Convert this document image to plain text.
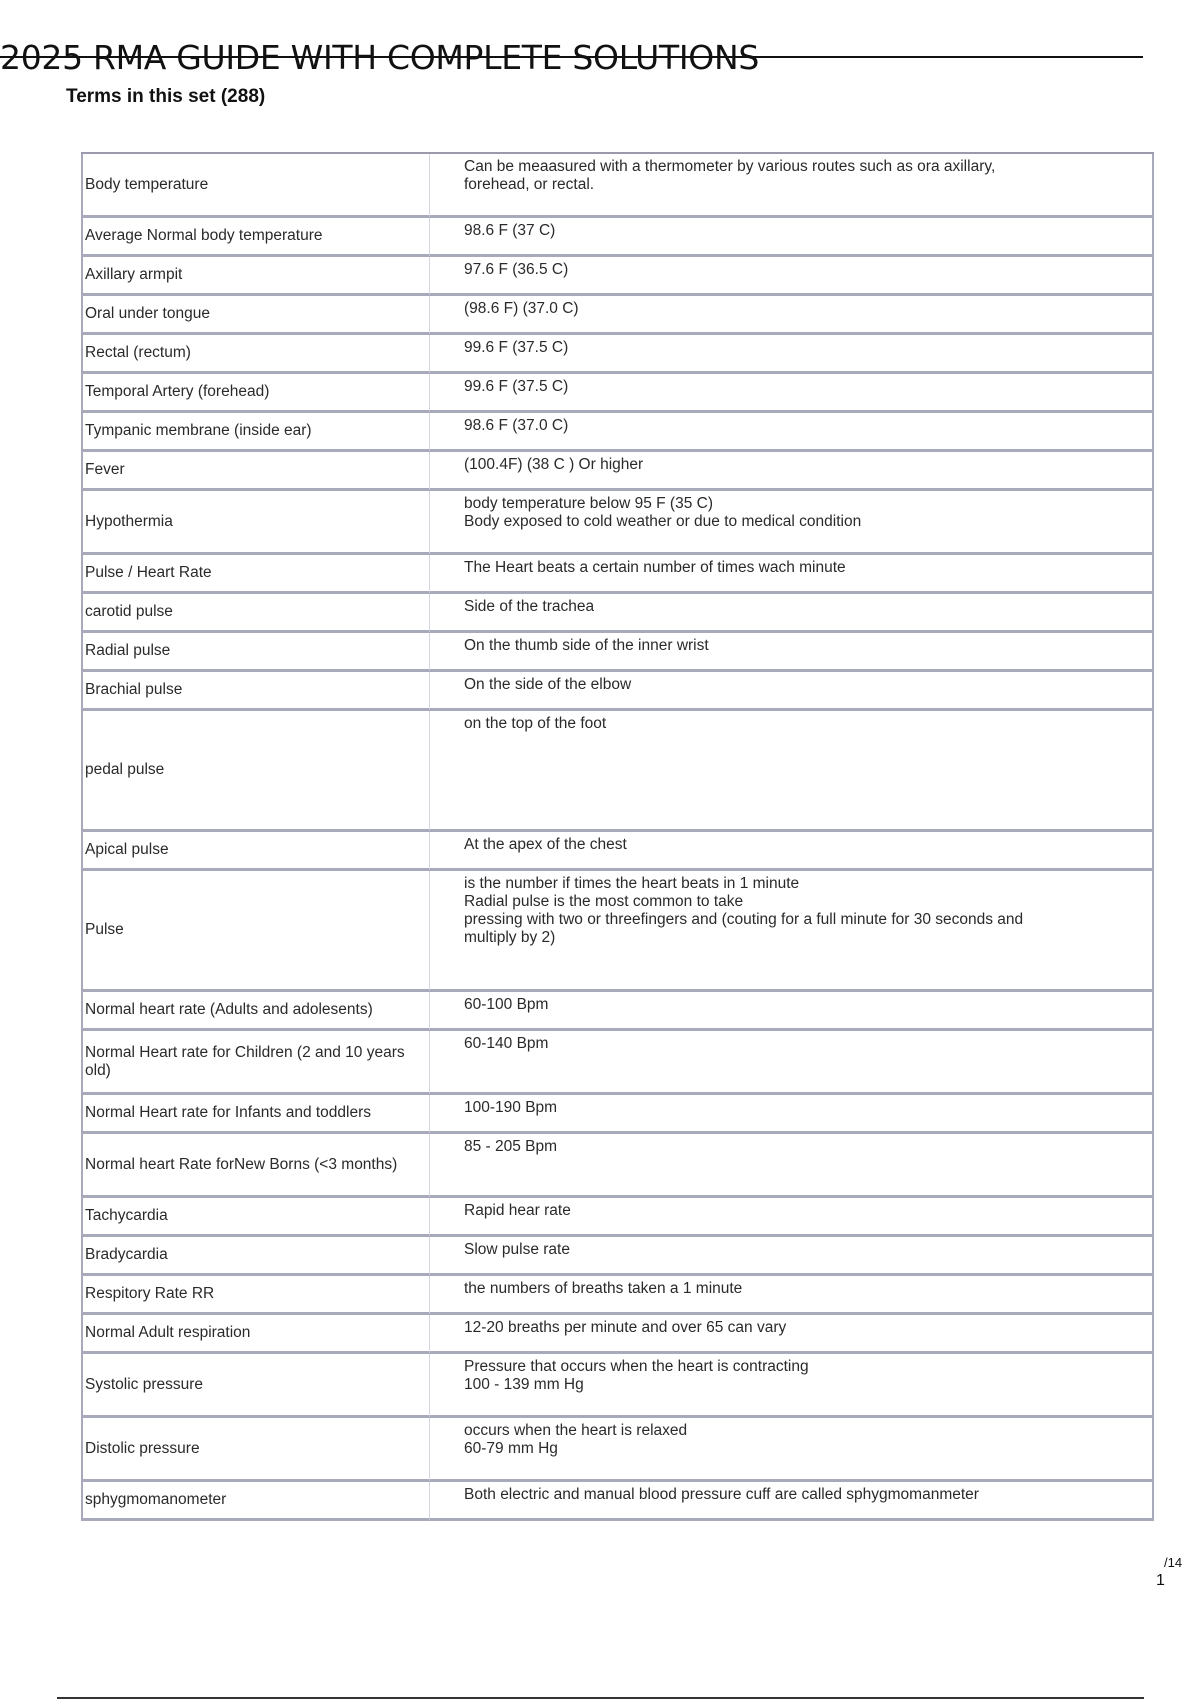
2025 RMA GUIDE WITH COMPLETE SOLUTIONS
Terms in this set (288)
Body temperature	Can be meaasured with a thermometer by various routes such as ora axillary,
forehead, or rectal.
Average Normal body temperature	98.6 F (37 C)
Axillary armpit	97.6 F (36.5 C)
Oral under tongue	(98.6 F) (37.0 C)
Rectal (rectum)	99.6 F (37.5 C)
Temporal Artery (forehead)	99.6 F (37.5 C)
Tympanic membrane (inside ear)	98.6 F (37.0 C)
Fever	(100.4F) (38 C ) Or higher
Hypothermia	body temperature below 95 F (35 C)
Body exposed to cold weather or due to medical condition
Pulse / Heart Rate	The Heart beats a certain number of times wach minute
carotid pulse	Side of the trachea
Radial pulse	On the thumb side of the inner wrist
Brachial pulse	On the side of the elbow
pedal pulse	on the top of the foot
Apical pulse	At the apex of the chest
Pulse	is the number if times the heart beats in 1 minute
Radial pulse is the most common to take
pressing with two or threefingers and (couting for a full minute for 30 seconds and
multiply by 2)
Normal heart rate (Adults and adolesents)	60-100 Bpm
Normal Heart rate for Children (2 and 10 years old)	60-140 Bpm
Normal Heart rate for Infants and toddlers	100-190 Bpm
Normal heart Rate forNew Borns (<3 months)	85 - 205 Bpm
Tachycardia	Rapid hear rate
Bradycardia	Slow pulse rate
Respitory Rate RR	the numbers of breaths taken a 1 minute
Normal Adult respiration	12-20 breaths per minute and over 65 can vary
Systolic pressure	Pressure that occurs when the heart is contracting
100 - 139 mm Hg
Distolic pressure	occurs when the heart is relaxed
60-79 mm Hg
sphygmomanometer	Both electric and manual blood pressure cuff are called sphygmomanmeter
/14
1
